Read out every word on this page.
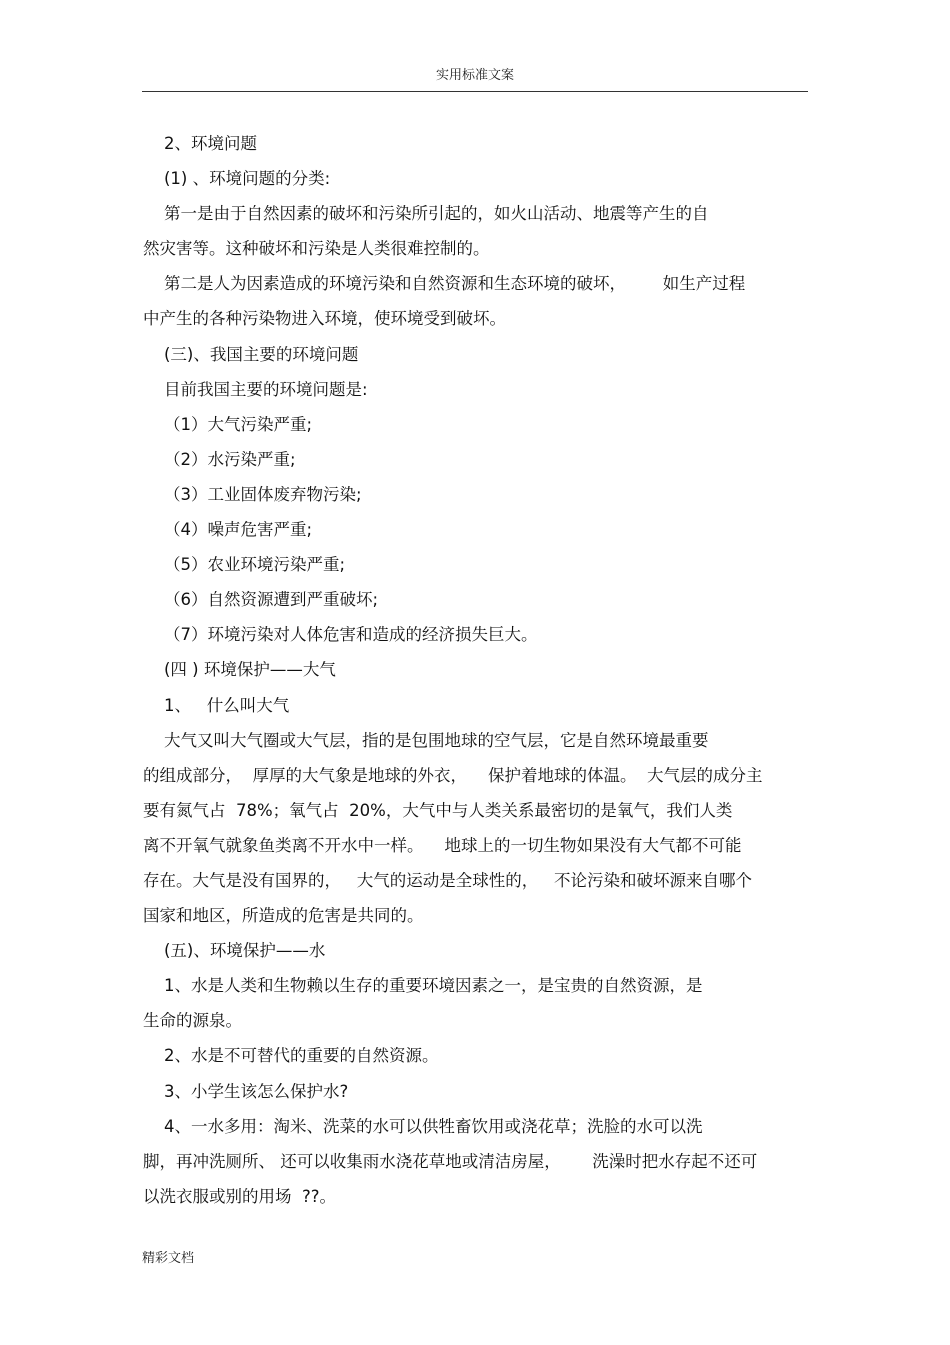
实用标准文案
2、环境问题
(1) 、环境问题的分类:
第一是由于自然因素的破坏和污染所引起的，如火山活动、地震等产生的自
然灾害等。这种破坏和污染是人类很难控制的。
第二是人为因素造成的环境污染和自然资源和生态环境的破坏，       如生产过程
中产生的各种污染物进入环境，使环境受到破坏。
(三)、我国主要的环境问题
目前我国主要的环境问题是:
（1）大气污染严重;
（2）水污染严重;
（3）工业固体废弃物污染;
（4）噪声危害严重;
（5）农业环境污染严重;
（6）自然资源遭到严重破坏;
（7）环境污染对人体危害和造成的经济损失巨大。
(四 ) 环境保护——大气
1、   什么叫大气
大气又叫大气圈或大气层，指的是包围地球的空气层，它是自然环境最重要
的组成部分，  厚厚的大气象是地球的外衣，    保护着地球的体温。  大气层的成分主
要有氮气占  78%；氧气占  20%，大气中与人类关系最密切的是氧气，我们人类
离不开氧气就象鱼类离不开水中一样。    地球上的一切生物如果没有大气都不可能
存在。大气是没有国界的，   大气的运动是全球性的，   不论污染和破坏源来自哪个
国家和地区，所造成的危害是共同的。
(五)、环境保护——水
1、水是人类和生物赖以生存的重要环境因素之一，是宝贵的自然资源，是
生命的源泉。
2、水是不可替代的重要的自然资源。
3、小学生该怎么保护水?
4、一水多用：淘米、洗菜的水可以供牲畜饮用或浇花草；洗脸的水可以洗
脚，再冲洗厕所、 还可以收集雨水浇花草地或清洁房屋，      洗澡时把水存起不还可
以洗衣服或别的用场  ??。
精彩文档
